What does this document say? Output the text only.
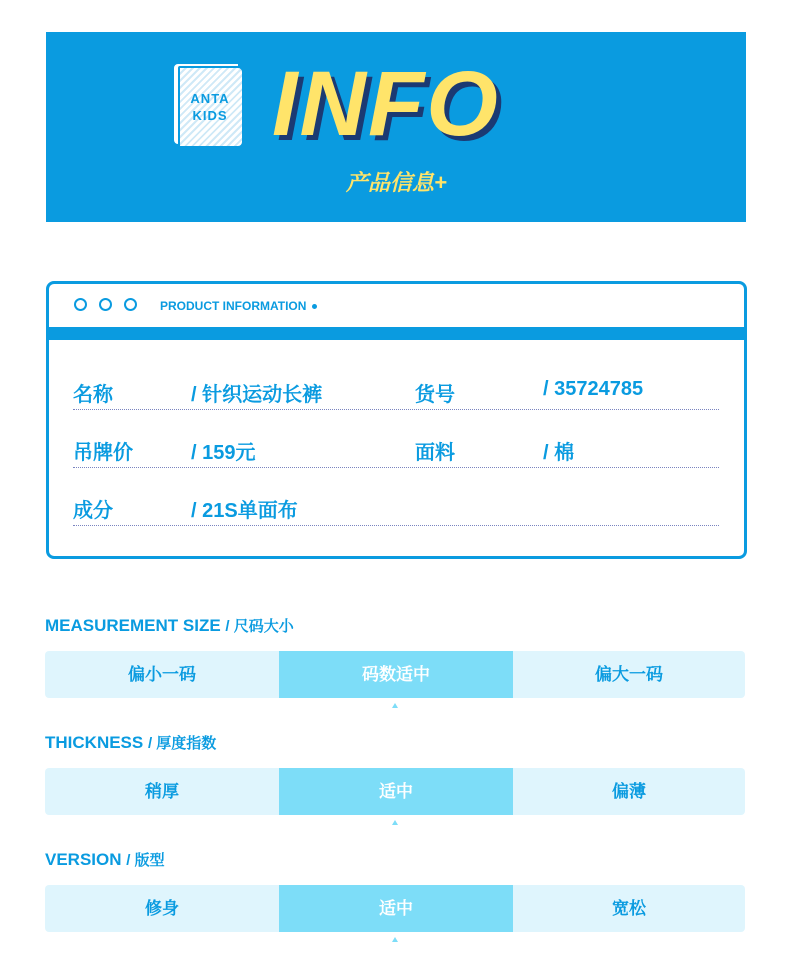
ANTA
KIDS INFO
产品信息+
PRODUCT INFORMATION
名称	/ 针织运动长裤	货号	/ 35724785
吊牌价	/ 159元	面料	/ 棉
成分	/ 21S单面布
MEASUREMENT SIZE / 尺码大小
偏小一码	码数适中	偏大一码
THICKNESS / 厚度指数
稍厚	适中	偏薄
VERSION / 版型
修身	适中	宽松
